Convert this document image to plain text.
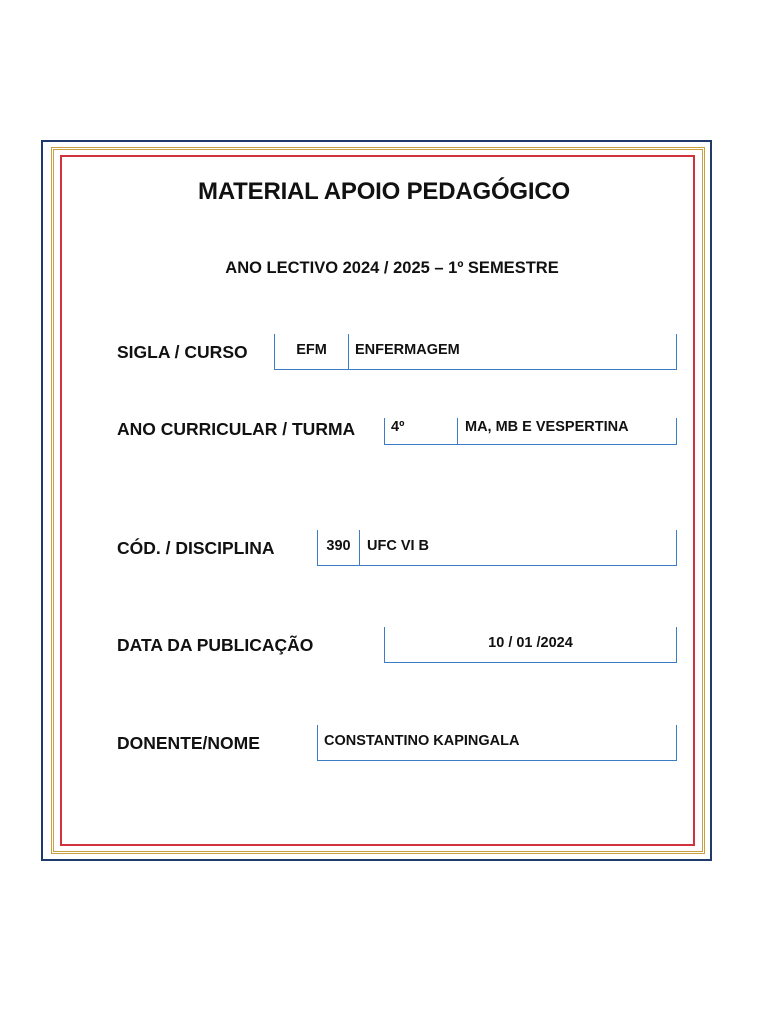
MATERIAL APOIO PEDAGÓGICO
ANO LECTIVO 2024 / 2025 – 1º SEMESTRE
SIGLA / CURSO	EFM	ENFERMAGEM
ANO CURRICULAR / TURMA	4º	MA, MB E VESPERTINA
CÓD. / DISCIPLINA	390	UFC VI B
DATA DA PUBLICAÇÃO	10 / 01 /2024
DONENTE/NOME	CONSTANTINO KAPINGALA
